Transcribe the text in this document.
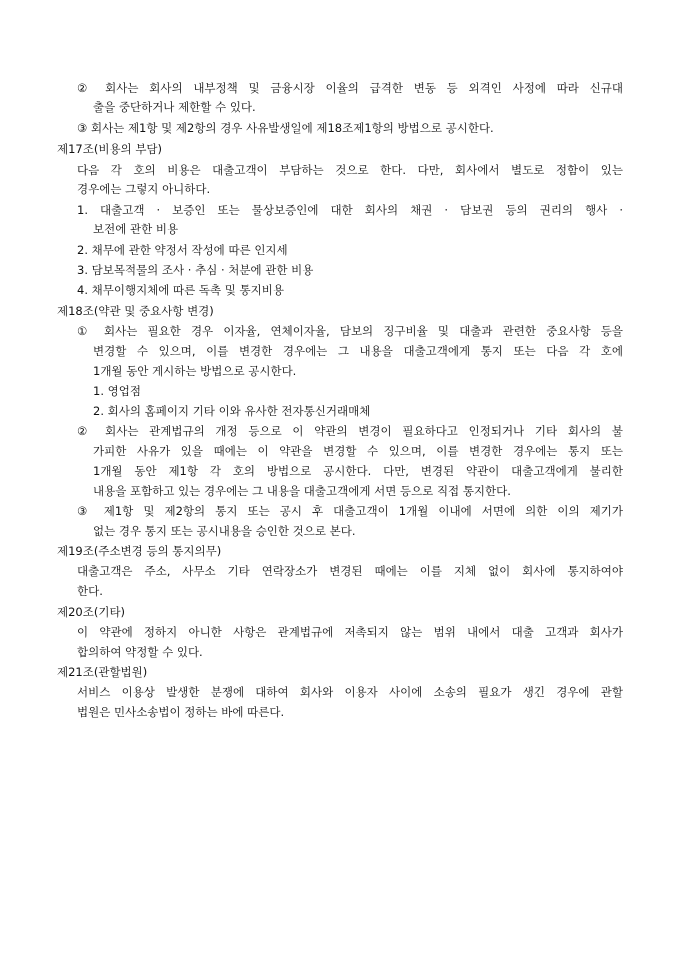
② 회사는 회사의 내부정책 및 금융시장 이율의 급격한 변동 등 외격인 사정에 따라 신규대
출을 중단하거나 제한할 수 있다.
③ 회사는 제1항 및 제2항의 경우 사유발생일에 제18조제1항의 방법으로 공시한다.
제17조(비용의 부담)
다음 각 호의 비용은 대출고객이 부담하는 것으로 한다. 다만, 회사에서 별도로 정함이 있는
경우에는 그렇지 아니하다.
1. 대출고객 · 보증인 또는 물상보증인에 대한 회사의 채권 · 담보권 등의 권리의 행사 ·
보전에 관한 비용
2. 채무에 관한 약정서 작성에 따른 인지세
3. 담보목적물의 조사 · 추심 · 처분에 관한 비용
4. 채무이행지체에 따른 독촉 및 통지비용
제18조(약관 및 중요사항 변경)
① 회사는 필요한 경우 이자율, 연체이자율, 담보의 징구비율 및 대출과 관련한 중요사항 등을
변경할 수 있으며, 이를 변경한 경우에는 그 내용을 대출고객에게 통지 또는 다음 각 호에
1개월 동안 게시하는 방법으로 공시한다.
1. 영업점
2. 회사의 홈페이지 기타 이와 유사한 전자통신거래매체
② 회사는 관계법규의 개정 등으로 이 약관의 변경이 필요하다고 인정되거나 기타 회사의 불
가피한 사유가 있을 때에는 이 약관을 변경할 수 있으며, 이를 변경한 경우에는 통지 또는
1개월 동안 제1항 각 호의 방법으로 공시한다. 다만, 변경된 약관이 대출고객에게 불리한
내용을 포함하고 있는 경우에는 그 내용을 대출고객에게 서면 등으로 직접 통지한다.
③ 제1항 및 제2항의 통지 또는 공시 후 대출고객이 1개월 이내에 서면에 의한 이의 제기가
없는 경우 통지 또는 공시내용을 승인한 것으로 본다.
제19조(주소변경 등의 통지의무)
대출고객은 주소, 사무소 기타 연락장소가 변경된 때에는 이를 지체 없이 회사에 통지하여야
한다.
제20조(기타)
이 약관에 정하지 아니한 사항은 관계법규에 저촉되지 않는 범위 내에서 대출 고객과 회사가
합의하여 약정할 수 있다.
제21조(관할법원)
서비스 이용상 발생한 분쟁에 대하여 회사와 이용자 사이에 소송의 필요가 생긴 경우에 관할
법원은 민사소송법이 정하는 바에 따른다.
